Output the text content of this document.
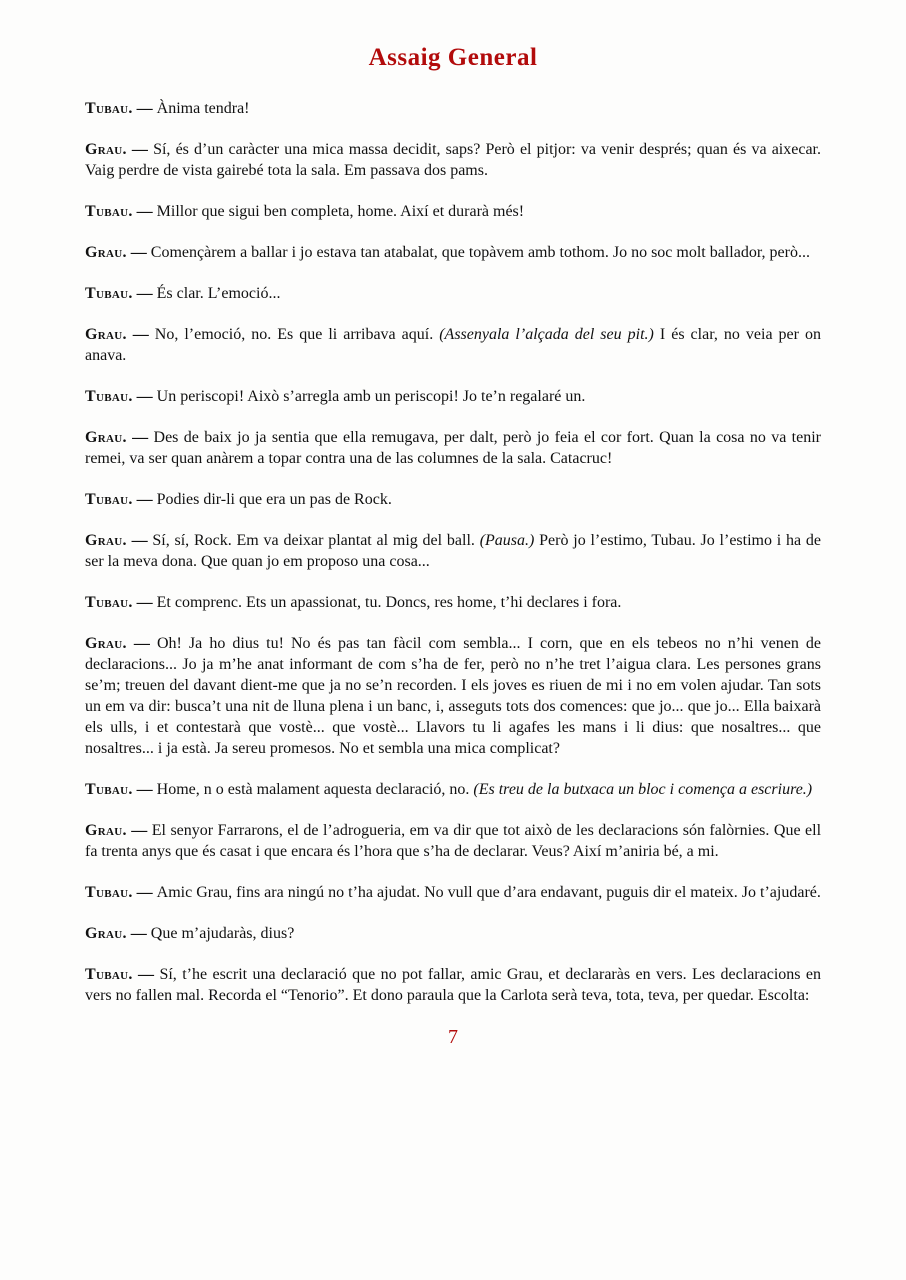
Assaig General

Tubau. — Ànima tendra!

Grau. — Sí, és d’un caràcter una mica massa decidit, saps? Però el pitjor: va venir després; quan és va aixecar. Vaig perdre de vista gairebé tota la sala. Em passava dos pams.

Tubau. — Millor que sigui ben completa, home. Així et durarà més!

Grau. — Començàrem a ballar i jo estava tan atabalat, que topàvem amb tothom. Jo no soc molt ballador, però...

Tubau. — És clar. L’emoció...

Grau. — No, l’emoció, no. Es que li arribava aquí. (Assenyala l’alçada del seu pit.) I és clar, no veia per on anava.

Tubau. — Un periscopi! Això s’arregla amb un periscopi! Jo te’n regalaré un.

Grau. — Des de baix jo ja sentia que ella remugava, per dalt, però jo feia el cor fort. Quan la cosa no va tenir remei, va ser quan anàrem a topar contra una de las columnes de la sala. Catacruc!

Tubau. — Podies dir-li que era un pas de Rock.

Grau. — Sí, sí, Rock. Em va deixar plantat al mig del ball. (Pausa.) Però jo l’estimo, Tubau. Jo l’estimo i ha de ser la meva dona. Que quan jo em proposo una cosa...

Tubau. — Et comprenc. Ets un apassionat, tu. Doncs, res home, t’hi declares i fora.

Grau. — Oh! Ja ho dius tu! No és pas tan fàcil com sembla... I corn, que en els tebeos no n’hi venen de declaracions... Jo ja m’he anat informant de com s’ha de fer, però no n’he tret l’aigua clara. Les persones grans se’m; treuen del davant dient-me que ja no se’n recorden. I els joves es riuen de mi i no em volen ajudar. Tan sots un em va dir: busca’t una nit de lluna plena i un banc, i, asseguts tots dos comences: que jo... que jo... Ella baixarà els ulls, i et contestarà que vostè... que vostè... Llavors tu li agafes les mans i li dius: que nosaltres... que nosaltres... i ja està. Ja sereu promesos. No et sembla una mica complicat?

Tubau. — Home, n o està malament aquesta declaració, no. (Es treu de la butxaca un bloc i comença a escriure.)

Grau. — El senyor Farrarons, el de l’adrogueria, em va dir que tot això de les declaracions són falòrnies. Que ell fa trenta anys que és casat i que encara és l’hora que s’ha de declarar. Veus? Així m’aniria bé, a mi.

Tubau. — Amic Grau, fins ara ningú no t’ha ajudat. No vull que d’ara endavant, puguis dir el mateix. Jo t’ajudaré.

Grau. — Que m’ajudaràs, dius?

Tubau. — Sí, t’he escrit una declaració que no pot fallar, amic Grau, et declararàs en vers. Les declaracions en vers no fallen mal. Recorda el “Tenorio”. Et dono paraula que la Carlota serà teva, tota, teva, per quedar. Escolta:

7
